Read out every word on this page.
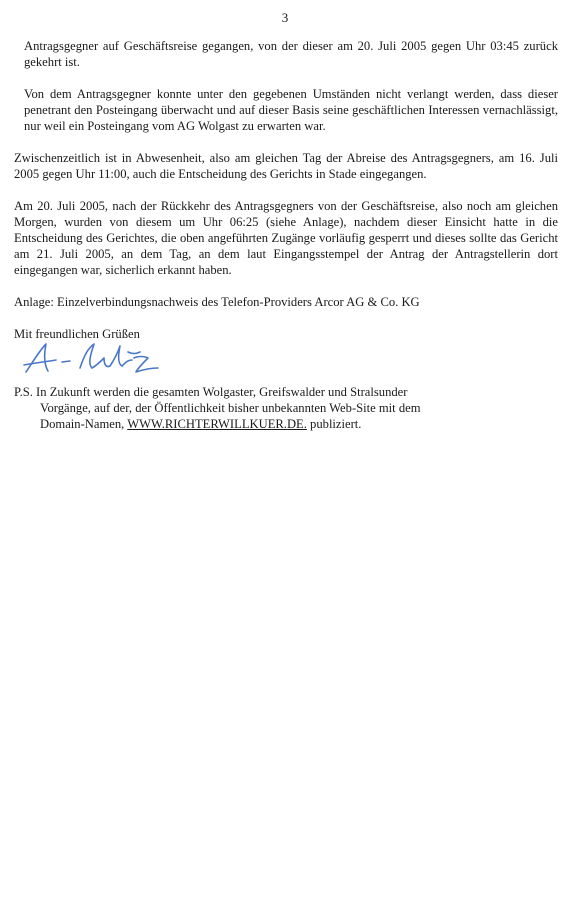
3

Antragsgegner auf Geschäftsreise gegangen, von der dieser am 20. Juli 2005 gegen Uhr 03:45 zurück gekehrt ist.

Von dem Antragsgegner konnte unter den gegebenen Umständen nicht verlangt werden, dass dieser penetrant den Posteingang überwacht und auf dieser Basis seine geschäftlichen Interessen vernachlässigt, nur weil ein Posteingang vom AG Wolgast zu erwarten war.

Zwischenzeitlich ist in Abwesenheit, also am gleichen Tag der Abreise des Antragsgegners, am 16. Juli 2005 gegen Uhr 11:00, auch die Entscheidung des Gerichts in Stade eingegangen.

Am 20. Juli 2005, nach der Rückkehr des Antragsgegners von der Geschäftsreise, also noch am gleichen Morgen, wurden von diesem um Uhr 06:25 (siehe Anlage), nachdem dieser Einsicht hatte in die Entscheidung des Gerichtes, die oben angeführten Zugänge vorläufig gesperrt und dieses sollte das Gericht am 21. Juli 2005, an dem Tag, an dem laut Eingangsstempel der Antrag der Antragstellerin dort eingegangen war, sicherlich erkannt haben.

Anlage: Einzelverbindungsnachweis des Telefon-Providers Arcor AG & Co. KG

Mit freundlichen Grüßen

P.S. In Zukunft werden die gesamten Wolgaster, Greifswalder und Stralsunder

Vorgänge, auf der, der Öffentlichkeit bisher unbekannten Web-Site mit dem

Domain-Namen, WWW.RICHTERWILLKUER.DE. publiziert.
